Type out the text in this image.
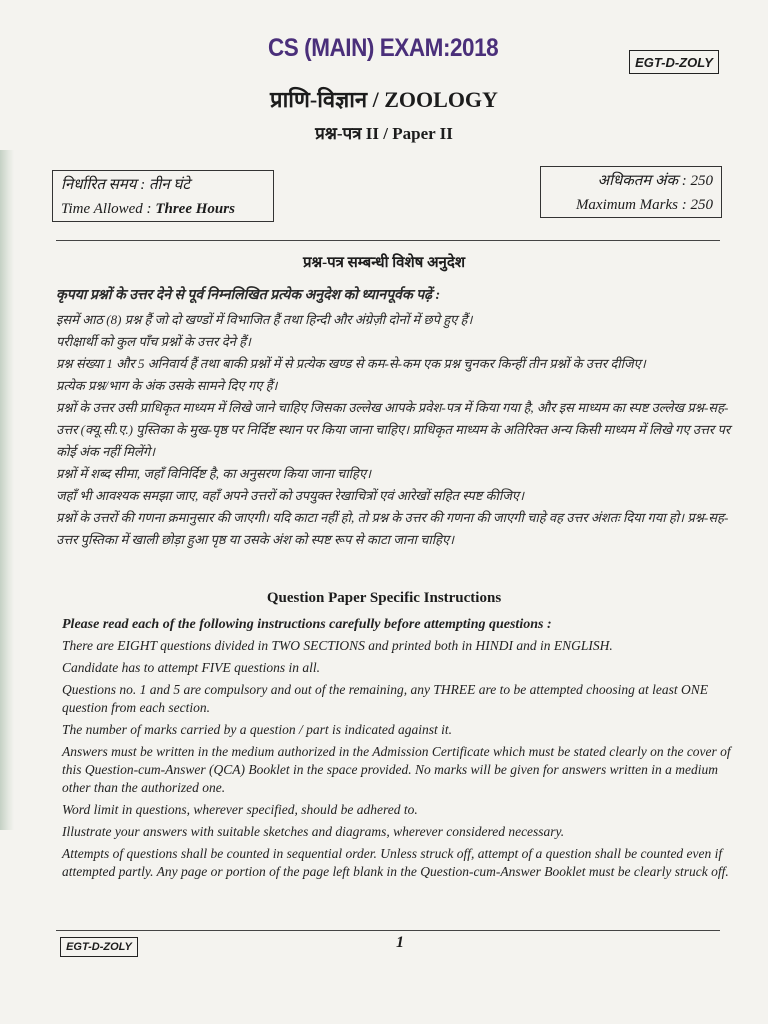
CS (MAIN) EXAM:2018	EGT-D-ZOLY
प्राणि-विज्ञान / ZOOLOGY
प्रश्न-पत्र II / Paper II
निर्धारित समय : तीन घंटे
Time Allowed : Three Hours
अधिकतम अंक : 250
Maximum Marks : 250
प्रश्न-पत्र सम्बन्धी विशेष अनुदेश

कृपया प्रश्नों के उत्तर देने से पूर्व निम्नलिखित प्रत्येक अनुदेश को ध्यानपूर्वक पढ़ें :

इसमें आठ (8) प्रश्न हैं जो दो खण्डों में विभाजित हैं तथा हिन्दी और अंग्रेज़ी दोनों में छपे हुए हैं।

परीक्षार्थी को कुल पाँच प्रश्नों के उत्तर देने हैं।

प्रश्न संख्या 1 और 5 अनिवार्य हैं तथा बाकी प्रश्नों में से प्रत्येक खण्ड से कम-से-कम एक प्रश्न चुनकर किन्हीं तीन प्रश्नों के उत्तर दीजिए।

प्रत्येक प्रश्न/भाग के अंक उसके सामने दिए गए हैं।

प्रश्नों के उत्तर उसी प्राधिकृत माध्यम में लिखे जाने चाहिए जिसका उल्लेख आपके प्रवेश-पत्र में किया गया है, और इस माध्यम का स्पष्ट उल्लेख प्रश्न-सह-उत्तर (क्यू.सी.ए.) पुस्तिका के मुख-पृष्ठ पर निर्दिष्ट स्थान पर किया जाना चाहिए। प्राधिकृत माध्यम के अतिरिक्त अन्य किसी माध्यम में लिखे गए उत्तर पर कोई अंक नहीं मिलेंगे।

प्रश्नों में शब्द सीमा, जहाँ विनिर्दिष्ट है, का अनुसरण किया जाना चाहिए।

जहाँ भी आवश्यक समझा जाए, वहाँ अपने उत्तरों को उपयुक्त रेखाचित्रों एवं आरेखों सहित स्पष्ट कीजिए।

प्रश्नों के उत्तरों की गणना क्रमानुसार की जाएगी। यदि काटा नहीं हो, तो प्रश्न के उत्तर की गणना की जाएगी चाहे वह उत्तर अंशतः दिया गया हो। प्रश्न-सह-उत्तर पुस्तिका में खाली छोड़ा हुआ पृष्ठ या उसके अंश को स्पष्ट रूप से काटा जाना चाहिए।

Question Paper Specific Instructions

Please read each of the following instructions carefully before attempting questions :

There are EIGHT questions divided in TWO SECTIONS and printed both in HINDI and in ENGLISH.

Candidate has to attempt FIVE questions in all.

Questions no. 1 and 5 are compulsory and out of the remaining, any THREE are to be attempted choosing at least ONE question from each section.

The number of marks carried by a question / part is indicated against it.

Answers must be written in the medium authorized in the Admission Certificate which must be stated clearly on the cover of this Question-cum-Answer (QCA) Booklet in the space provided. No marks will be given for answers written in a medium other than the authorized one.

Word limit in questions, wherever specified, should be adhered to.

Illustrate your answers with suitable sketches and diagrams, wherever considered necessary.

Attempts of questions shall be counted in sequential order. Unless struck off, attempt of a question shall be counted even if attempted partly. Any page or portion of the page left blank in the Question-cum-Answer Booklet must be clearly struck off.

EGT-D-ZOLY	1
